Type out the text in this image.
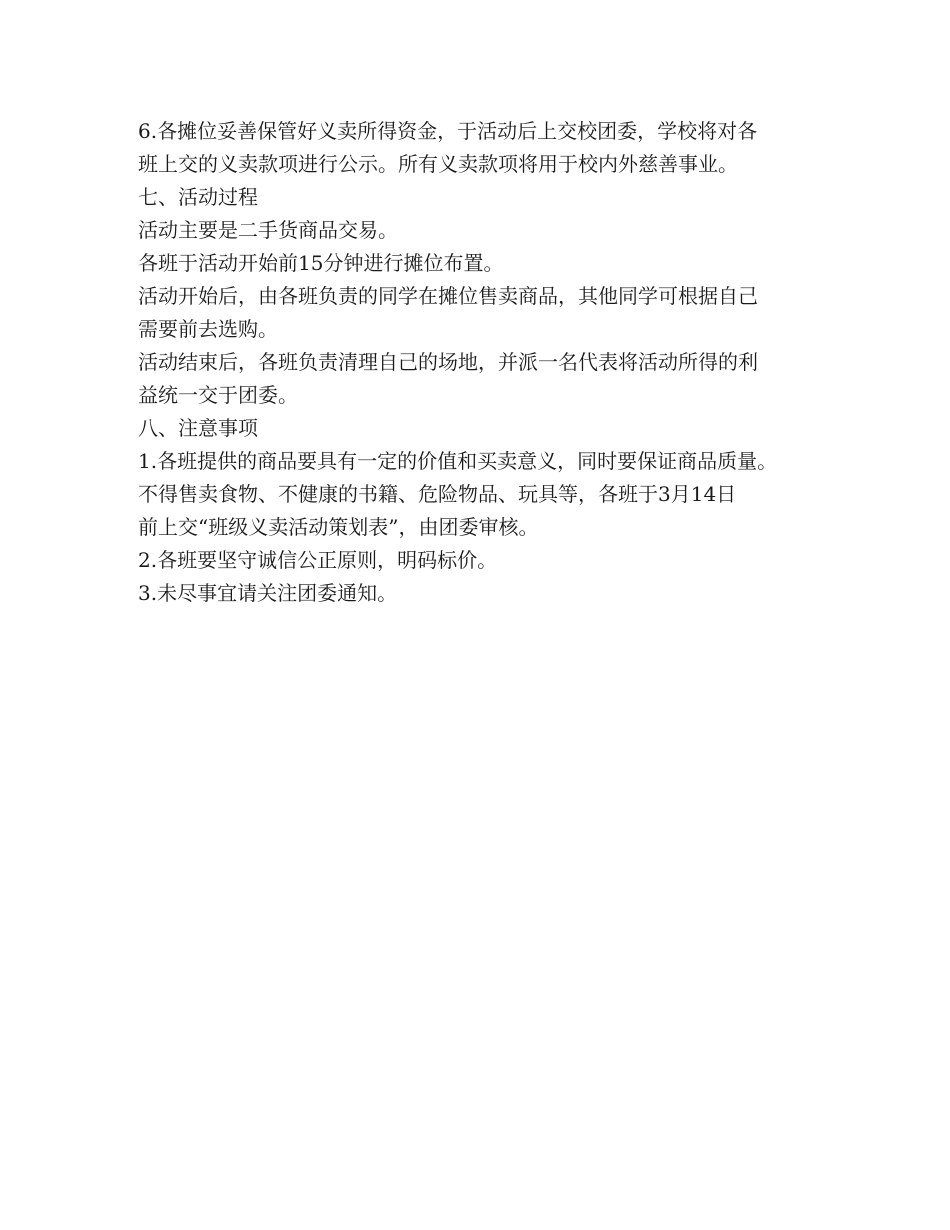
6.各摊位妥善保管好义卖所得资金，于活动后上交校团委，学校将对各
班上交的义卖款项进行公示。所有义卖款项将用于校内外慈善事业。
七、活动过程
活动主要是二手货商品交易。
各班于活动开始前15分钟进行摊位布置。
活动开始后，由各班负责的同学在摊位售卖商品，其他同学可根据自己
需要前去选购。
活动结束后，各班负责清理自己的场地，并派一名代表将活动所得的利
益统一交于团委。
八、注意事项
1.各班提供的商品要具有一定的价值和买卖意义，同时要保证商品质量。
不得售卖食物、不健康的书籍、危险物品、玩具等，各班于3月14日
前上交“班级义卖活动策划表”，由团委审核。
2.各班要坚守诚信公正原则，明码标价。
3.未尽事宜请关注团委通知。
